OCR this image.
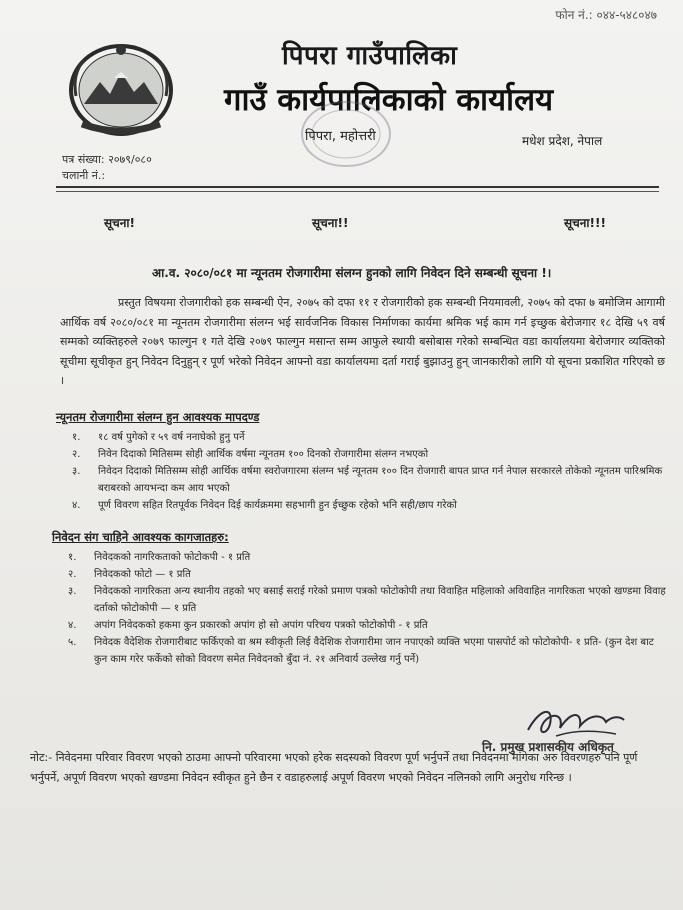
फोन नं.: ०४४-५४८०४७
पिपरा गाउँपालिका
गाउँ कार्यपालिकाको कार्यालय
पिपरा, महोत्तरी	मधेश प्रदेश, नेपाल
पत्र संख्या: २०७९/०८०
चलानी नं.:
सूचना!	सूचना!!	सूचना!!!
आ.व. २०८०/०८१ मा न्यूनतम रोजगारीमा संलग्न हुनको लागि निवेदन दिने सम्बन्धी सूचना !।
प्रस्तुत विषयमा रोजगारीको हक सम्बन्धी ऐन, २०७५ को दफा ११ र रोजगारीको हक सम्बन्धी नियमावली, २०७५ को दफा ७ बमोजिम आगामी आर्थिक वर्ष २०८०/०८१ मा न्यूनतम रोजगारीमा संलग्न भई सार्वजनिक विकास निर्माणका कार्यमा श्रमिक भई काम गर्न इच्छुक बेरोजगार १८ देखि ५९ वर्ष सम्मको व्यक्तिहरुले २०७९ फाल्गुन १ गते देखि २०७९ फाल्गुन मसान्त सम्म आफुले स्थायी बसोबास गरेको सम्बन्धित वडा कार्यालयमा बेरोजगार व्यक्तिको सूचीमा सूचीकृत हुन् निवेदन दिनुहुन् र पूर्ण भरेको निवेदन आफ्नो वडा कार्यालयमा दर्ता गराई बुझाउनु हुन् जानकारीको लागि यो सूचना प्रकाशित गरिएको छ ।
न्यूनतम रोजगारीमा संलग्न हुन आवश्यक मापदण्ड
१.	१८ वर्ष पुगेको र ५९ वर्ष ननाघेको हुनु पर्ने
२.	निवेन दिदाको मितिसम्म सोही आर्थिक वर्षमा न्यूनतम १०० दिनको रोजगारीमा संलग्न नभएको
३.	निवेदन दिदाको मितिसम्म सोही आर्थिक वर्षमा स्वरोजगारमा संलग्न भई न्यूनतम १०० दिन रोजगारी बापत प्राप्त गर्न नेपाल सरकारले तोकेको न्यूनतम पारिश्रमिक बराबरको आयभन्दा कम आय भएको
४.	पूर्ण विवरण सहित रितपूर्वक निवेदन दिई कार्यक्रममा सहभागी हुन ईच्छुक रहेको भनि सही/छाप गरेको
निवेदन संग चाहिने आवश्यक कागजातहरु:
१.	निवेदकको नागरिकताको फोटोकपी - १ प्रति
२.	निवेदकको फोटो — १ प्रति
३.	निवेदकको नागरिकता अन्य स्थानीय तहको भए बसाई सराई गरेको प्रमाण पत्रको फोटोकोपी तथा विवाहित महिलाको अविवाहित नागरिकता भएको खण्डमा विवाह दर्ताको फोटोकोपी — १ प्रति
४.	अपांग निवेदकको हकमा कुन प्रकारको अपांग हो सो अपांग परिचय पत्रको फोटोकोपी - १ प्रति
५.	निवेदक वैदेशिक रोजगारीबाट फर्किएको वा श्रम स्वीकृती लिई वैदेशिक रोजगारीमा जान नपाएको व्यक्ति भएमा पासपोर्ट को फोटोकोपी- १ प्रति- (कुन देश बाट कुन काम गरेर फर्केको सोको विवरण समेत निवेदनको बुँदा नं. २१ अनिवार्य उल्लेख गर्नु पर्ने)
नि. प्रमुख प्रशासकीय अधिकृत
नोट:- निवेदनमा परिवार विवरण भएको ठाउमा आफ्नो परिवारमा भएको हरेक सदस्यको विवरण पूर्ण भर्नुपर्ने तथा निवेदनमा मांगेका अरु विवरणहरु पनि पूर्ण भर्नुपर्ने, अपूर्ण विवरण भएको खण्डमा निवेदन स्वीकृत हुने छैन र वडाहरुलाई अपूर्ण विवरण भएको निवेदन नलिनको लागि अनुरोध गरिन्छ ।
